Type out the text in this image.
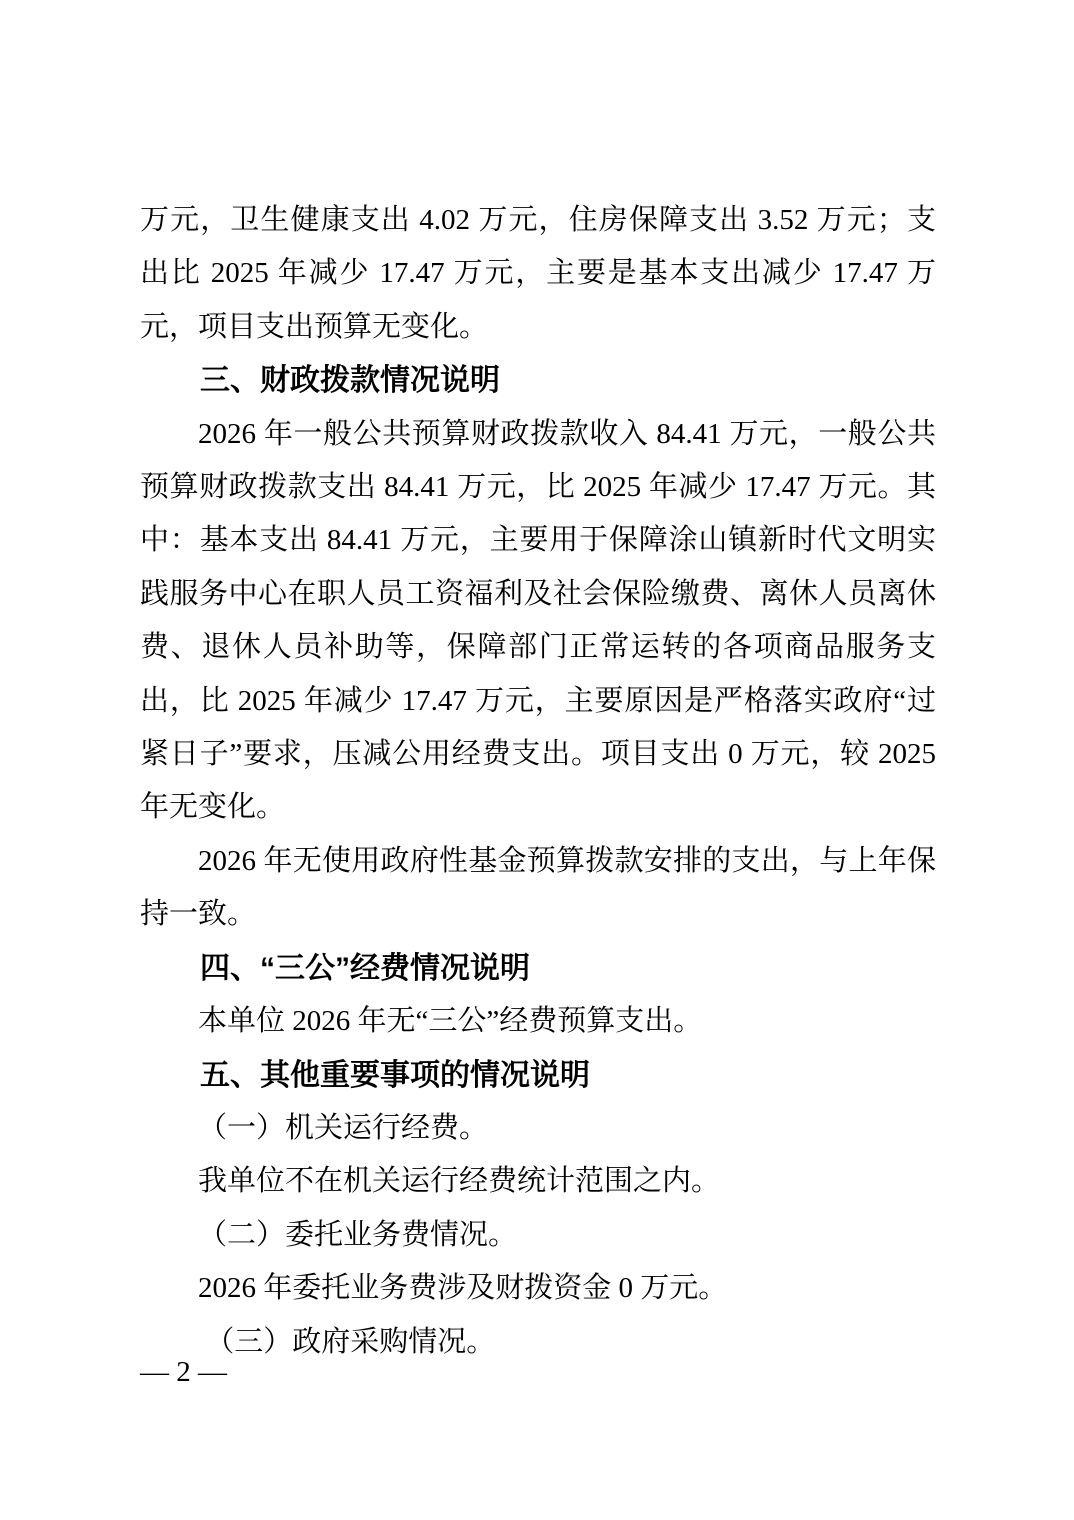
万元，卫生健康支出 4.02 万元，住房保障支出 3.52 万元；支出比 2025 年减少 17.47 万元，主要是基本支出减少 17.47 万元，项目支出预算无变化。

三、财政拨款情况说明

2026 年一般公共预算财政拨款收入 84.41 万元，一般公共预算财政拨款支出 84.41 万元，比 2025 年减少 17.47 万元。其中：基本支出 84.41 万元，主要用于保障涂山镇新时代文明实践服务中心在职人员工资福利及社会保险缴费、离休人员离休费、退休人员补助等，保障部门正常运转的各项商品服务支出，比 2025 年减少 17.47 万元，主要原因是严格落实政府“过紧日子”要求，压减公用经费支出。项目支出 0 万元，较 2025 年无变化。

2026 年无使用政府性基金预算拨款安排的支出，与上年保持一致。

四、“三公”经费情况说明

本单位 2026 年无“三公”经费预算支出。

五、其他重要事项的情况说明

（一）机关运行经费。

我单位不在机关运行经费统计范围之内。

（二）委托业务费情况。

2026 年委托业务费涉及财拨资金 0 万元。

（三）政府采购情况。

— 2 —
